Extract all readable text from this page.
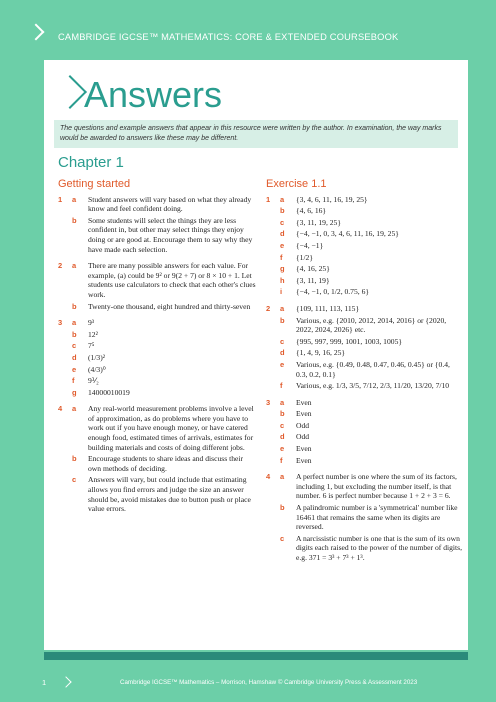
CAMBRIDGE IGCSE™ MATHEMATICS: CORE & EXTENDED COURSEBOOK
Answers
The questions and example answers that appear in this resource were written by the author. In examination, the way marks would be awarded to answers like these may be different.
Chapter 1
Getting started
1	a	Student answers will vary based on what they already know and feel confident doing.
b	Some students will select the things they are less confident in, but other may select things they enjoy doing or are good at. Encourage them to say why they have made each selection.
2	a	There are many possible answers for each value. For example, (a) could be 9² or 9(2 + 7) or 8 × 10 + 1. Let students use calculators to check that each other's clues work.
b	Twenty-one thousand, eight hundred and thirty-seven
3	a	9³
b	12²
c	7⁵
d	(1/3)²
e	(4/3)⁰
f	9⅟₂
g	14000010019
4	a	Any real-world measurement problems involve a level of approximation, as do problems where you have to work out if you have enough money, or have catered enough food, estimated times of arrivals, estimates for building materials and costs of doing different jobs.
b	Encourage students to share ideas and discuss their own methods of deciding.
c	Answers will vary, but could include that estimating allows you find errors and judge the size an answer should be, avoid mistakes due to button push or place value errors.
Exercise 1.1
1	a	{3, 4, 6, 11, 16, 19, 25}
b	{4, 6, 16}
c	{3, 11, 19, 25}
d	{−4, −1, 0, 3, 4, 6, 11, 16, 19, 25}
e	{−4, −1}
f	{1/2}
g	{4, 16, 25}
h	{3, 11, 19}
i	{−4, −1, 0, 1/2, 0.75, 6}
2	a	{109, 111, 113, 115}
b	Various, e.g. {2010, 2012, 2014, 2016} or {2020, 2022, 2024, 2026} etc.
c	{995, 997, 999, 1001, 1003, 1005}
d	{1, 4, 9, 16, 25}
e	Various, e.g. {0.49, 0.48, 0.47, 0.46, 0.45} or {0.4, 0.3, 0.2, 0.1}
f	Various, e.g. 1/3, 3/5, 7/12, 2/3, 11/20, 13/20, 7/10
3	a	Even
b	Even
c	Odd
d	Odd
e	Even
f	Even
4	a	A perfect number is one where the sum of its factors, including 1, but excluding the number itself, is that number. 6 is perfect number because 1 + 2 + 3 = 6.
b	A palindromic number is a 'symmetrical' number like 16461 that remains the same when its digits are reversed.
c	A narcissistic number is one that is the sum of its own digits each raised to the power of the number of digits, e.g. 371 = 3³ + 7³ + 1³.
1	Cambridge IGCSE™ Mathematics – Morrison, Hamshaw © Cambridge University Press & Assessment 2023
